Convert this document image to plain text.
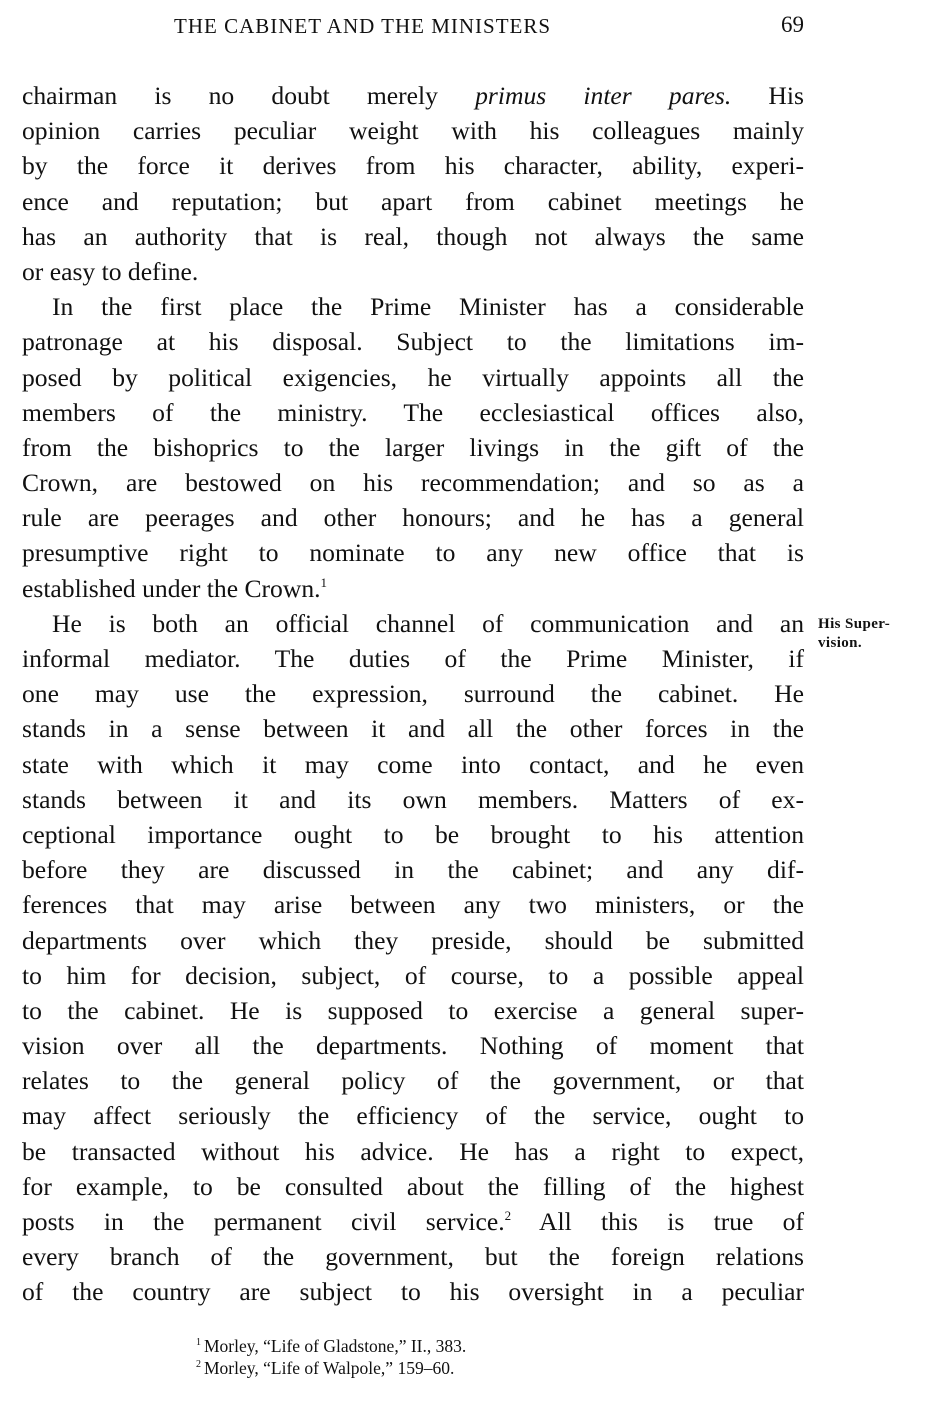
THE CABINET AND THE MINISTERS	69
chairman is no doubt merely primus inter pares. His
opinion carries peculiar weight with his colleagues mainly
by the force it derives from his character, ability, experi-
ence and reputation; but apart from cabinet meetings he
has an authority that is real, though not always the same
or easy to define.
In the first place the Prime Minister has a considerable
patronage at his disposal. Subject to the limitations im-
posed by political exigencies, he virtually appoints all the
members of the ministry. The ecclesiastical offices also,
from the bishoprics to the larger livings in the gift of the
Crown, are bestowed on his recommendation; and so as a
rule are peerages and other honours; and he has a general
presumptive right to nominate to any new office that is
established under the Crown.$^1$
He is both an official channel of communication and an
informal mediator. The duties of the Prime Minister, if
one may use the expression, surround the cabinet. He
stands in a sense between it and all the other forces in the
state with which it may come into contact, and he even
stands between it and its own members. Matters of ex-
ceptional importance ought to be brought to his attention
before they are discussed in the cabinet; and any dif-
ferences that may arise between any two ministers, or the
departments over which they preside, should be submitted
to him for decision, subject, of course, to a possible appeal
to the cabinet. He is supposed to exercise a general super-
vision over all the departments. Nothing of moment that
relates to the general policy of the government, or that
may affect seriously the efficiency of the service, ought to
be transacted without his advice. He has a right to expect,
for example, to be consulted about the filling of the highest
posts in the permanent civil service.$^2$ All this is true of
every branch of the government, but the foreign relations
of the country are subject to his oversight in a peculiar
His Super-
vision.
$^1$ Morley, “Life of Gladstone,” II., 383.
$^2$ Morley, “Life of Walpole,” 159–60.
